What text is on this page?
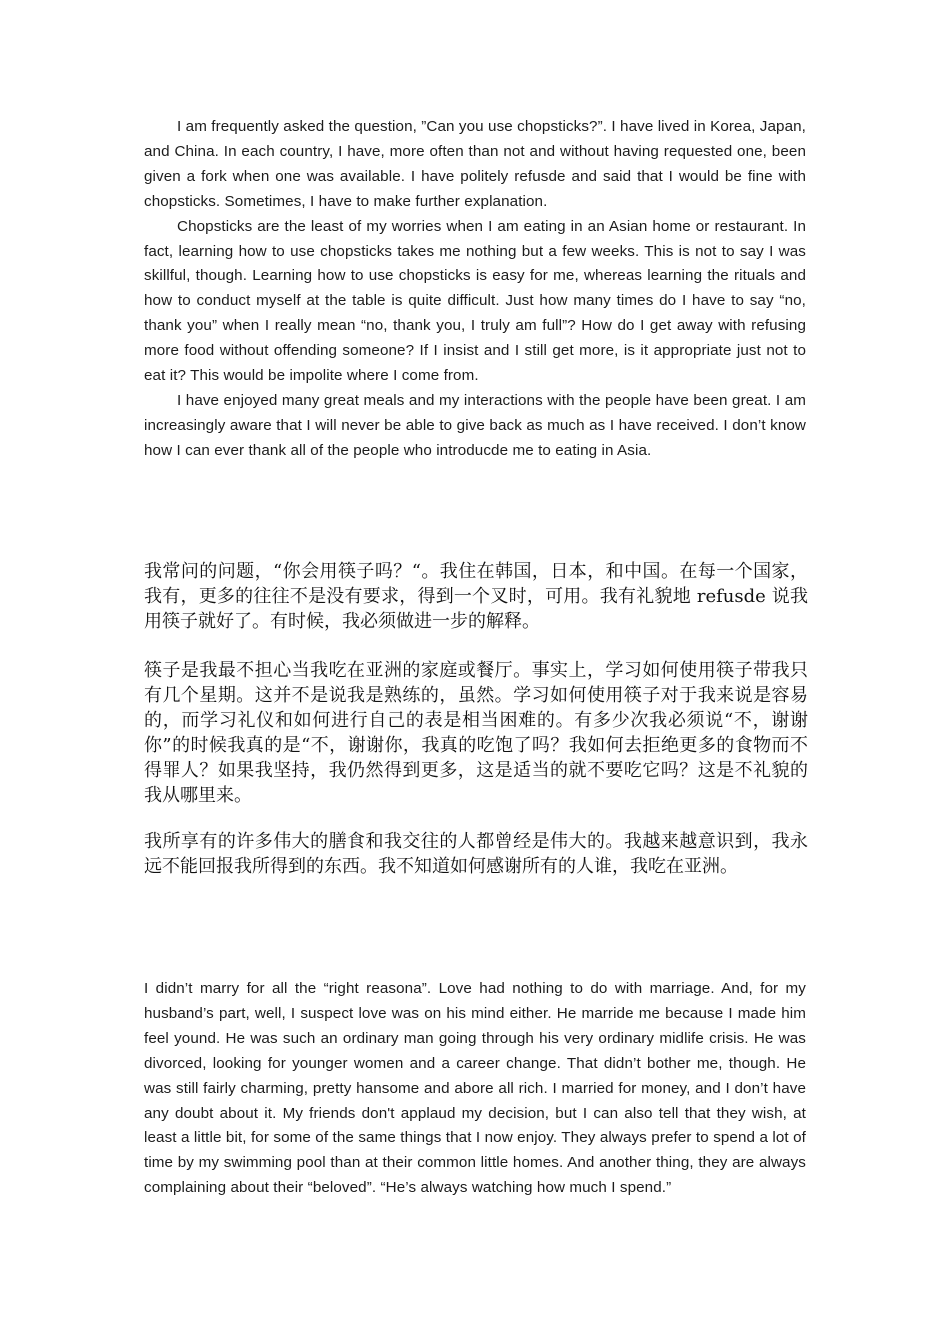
I am frequently asked the question, ”Can you use chopsticks?”. I have lived in Korea, Japan, and China. In each country, I have, more often than not and without having requested one, been given a fork when one was available. I have politely refusde and said that I would be fine with chopsticks. Sometimes, I have to make further explanation.

Chopsticks are the least of my worries when I am eating in an Asian home or restaurant. In fact, learning how to use chopsticks takes me nothing but a few weeks. This is not to say I was skillful, though. Learning how to use chopsticks is easy for me, whereas learning the rituals and how to conduct myself at the table is quite difficult. Just how many times do I have to say “no, thank you” when I really mean “no, thank you, I truly am full”? How do I get away with refusing more food without offending someone? If I insist and I still get more, is it appropriate just not to eat it? This would be impolite where I come from.

I have enjoyed many great meals and my interactions with the people have been great. I am increasingly aware that I will never be able to give back as much as I have received. I don’t know how I can ever thank all of the people who introducde me to eating in Asia.

我常问的问题，“你会用筷子吗？“。我住在韩国，日本，和中国。在每一个国家，我有，更多的往往不是没有要求，得到一个叉时，可用。我有礼貌地 refusde 说我用筷子就好了。有时候，我必须做进一步的解释。

筷子是我最不担心当我吃在亚洲的家庭或餐厅。事实上，学习如何使用筷子带我只有几个星期。这并不是说我是熟练的，虽然。学习如何使用筷子对于我来说是容易的，而学习礼仪和如何进行自己的表是相当困难的。有多少次我必须说“不，谢谢你”的时候我真的是“不，谢谢你，我真的吃饱了吗？我如何去拒绝更多的食物而不得罪人？如果我坚持，我仍然得到更多，这是适当的就不要吃它吗？这是不礼貌的我从哪里来。

我所享有的许多伟大的膳食和我交往的人都曾经是伟大的。我越来越意识到，我永远不能回报我所得到的东西。我不知道如何感谢所有的人谁，我吃在亚洲。

I didn’t marry for all the “right reasona”. Love had nothing to do with marriage. And, for my husband’s part, well, I suspect love was on his mind either. He marride me because I made him feel yound. He was such an ordinary man going through his very ordinary midlife crisis. He was divorced, looking for younger women and a career change. That didn’t bother me, though. He was still fairly charming, pretty hansome and abore all rich. I married for money, and I don’t have any doubt about it. My friends don't applaud my decision, but I can also tell that they wish, at least a little bit, for some of the same things that I now enjoy. They always prefer to spend a lot of time by my swimming pool than at their common little homes. And another thing, they are always complaining about their “beloved”. “He’s always watching how much I spend.”
